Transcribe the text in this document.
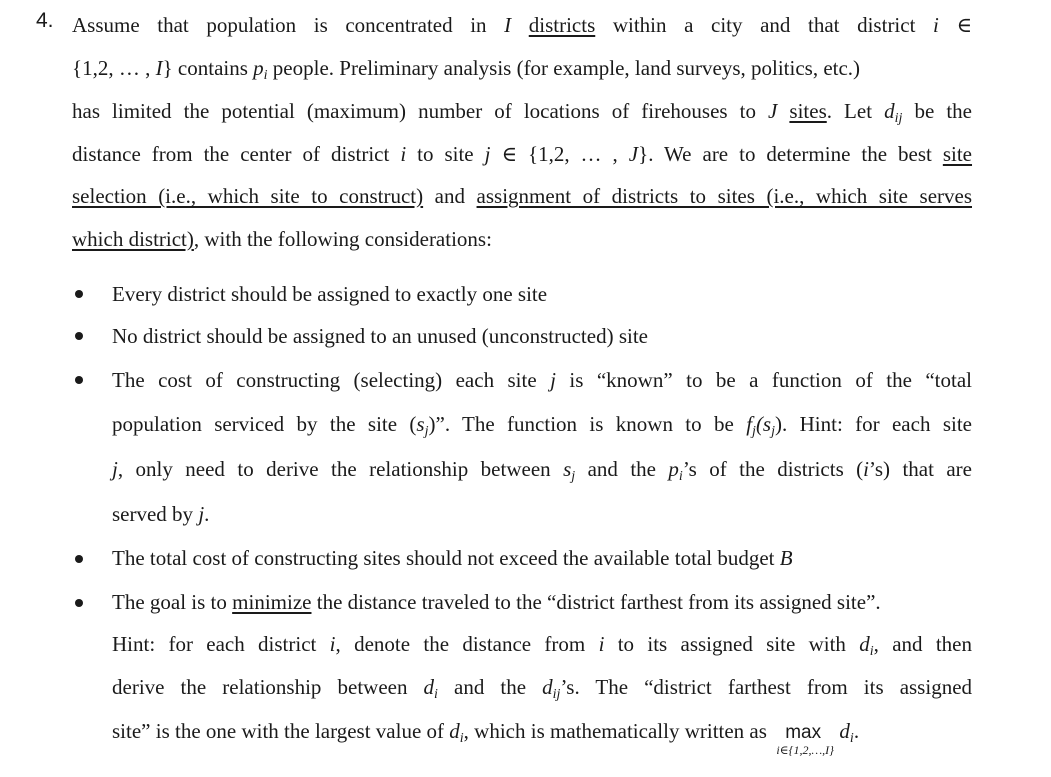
4. Assume that population is concentrated in I districts within a city and that district i ∈
{1,2, … , I} contains $p_i$ people. Preliminary analysis (for example, land surveys, politics, etc.)
has limited the potential (maximum) number of locations of firehouses to J sites. Let $d_{ij}$ be the
distance from the center of district i to site j ∈ {1,2, … , J}. We are to determine the best site
selection (i.e., which site to construct) and assignment of districts to sites (i.e., which site serves
which district), with the following considerations:
Every district should be assigned to exactly one site
No district should be assigned to an unused (unconstructed) site
The cost of constructing (selecting) each site j is “known” to be a function of the “total
population serviced by the site $(s_j)$”. The function is known to be $f_j(s_j)$. Hint: for each site
j, only need to derive the relationship between $s_j$ and the $p_i’s$ of the districts (i’s) that are
served by j.
The total cost of constructing sites should not exceed the available total budget B
The goal is to minimize the distance traveled to the “district farthest from its assigned site”.
Hint: for each district i, denote the distance from i to its assigned site with $d_i$, and then
derive the relationship between $d_i$ and the $d_{ij}’s$. The “district farthest from its assigned
site” is the one with the largest value of $d_i$, which is mathematically written as max
i∈{1,2,…,I}
$d_i$.
